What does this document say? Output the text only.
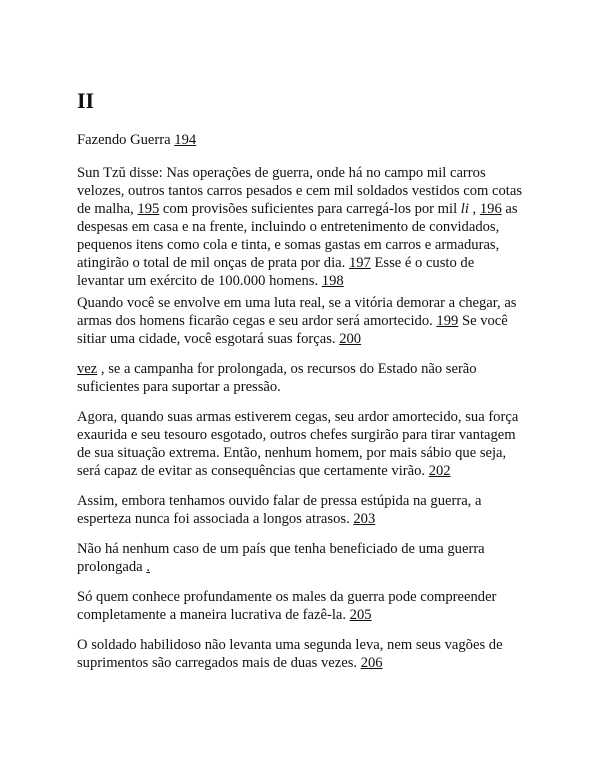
II

Fazendo Guerra 194

Sun Tzŭ disse: Nas operações de guerra, onde há no campo mil carros
velozes, outros tantos carros pesados e cem mil soldados vestidos com cotas
de malha, 195 com provisões suficientes para carregá-los por mil li , 196 as
despesas em casa e na frente, incluindo o entretenimento de convidados,
pequenos itens como cola e tinta, e somas gastas em carros e armaduras,
atingirão o total de mil onças de prata por dia. 197 Esse é o custo de
levantar um exército de 100.000 homens. 198

Quando você se envolve em uma luta real, se a vitória demorar a chegar, as
armas dos homens ficarão cegas e seu ardor será amortecido. 199 Se você
sitiar uma cidade, você esgotará suas forças. 200

vez , se a campanha for prolongada, os recursos do Estado não serão
suficientes para suportar a pressão.

Agora, quando suas armas estiverem cegas, seu ardor amortecido, sua força
exaurida e seu tesouro esgotado, outros chefes surgirão para tirar vantagem
de sua situação extrema. Então, nenhum homem, por mais sábio que seja,
será capaz de evitar as consequências que certamente virão. 202

Assim, embora tenhamos ouvido falar de pressa estúpida na guerra, a
esperteza nunca foi associada a longos atrasos. 203

Não há nenhum caso de um país que tenha beneficiado de uma guerra
prolongada .

Só quem conhece profundamente os males da guerra pode compreender
completamente a maneira lucrativa de fazê-la. 205

O soldado habilidoso não levanta uma segunda leva, nem seus vagões de
suprimentos são carregados mais de duas vezes. 206
